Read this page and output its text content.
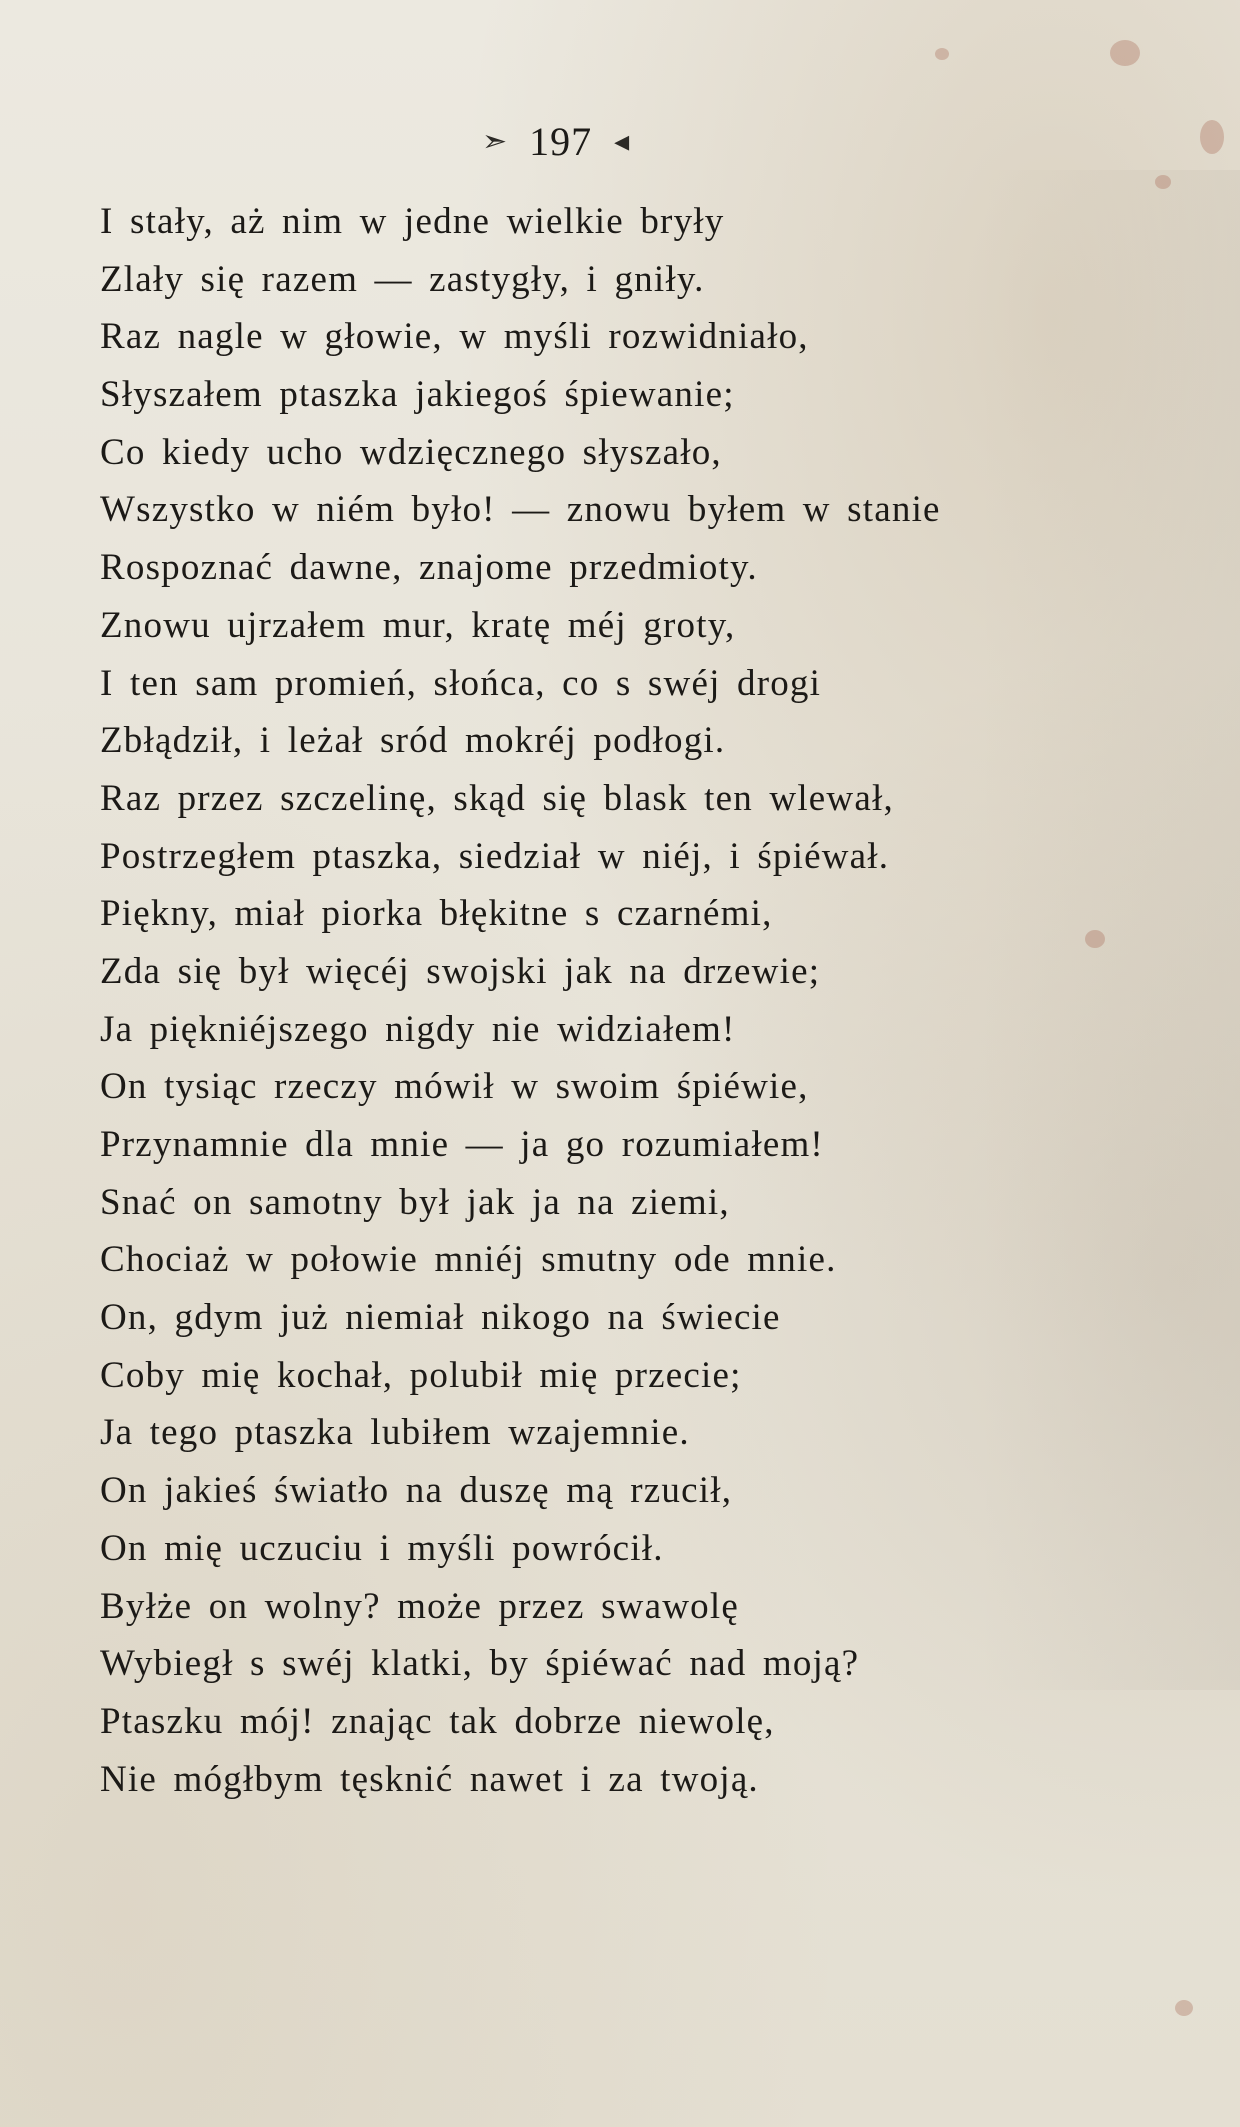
➣ 197 ◂
I stały, aż nim w jedne wielkie bryły
Zlały się razem — zastygły, i gniły.
Raz nagle w głowie, w myśli rozwidniało,
Słyszałem ptaszka jakiegoś śpiewanie;
Co kiedy ucho wdzięcznego słyszało,
Wszystko w niém było! — znowu byłem w stanie
Rospoznać dawne, znajome przedmioty.
Znowu ujrzałem mur, kratę méj groty,
I ten sam promień, słońca, co s swéj drogi
Zbłądził, i leżał sród mokréj podłogi.
Raz przez szczelinę, skąd się blask ten wlewał,
Postrzegłem ptaszka, siedział w niéj, i śpiéwał.
Piękny, miał piorka błękitne s czarnémi,
Zda się był więcéj swojski jak na drzewie;
Ja piękniéjszego nigdy nie widziałem!
On tysiąc rzeczy mówił w swoim śpiéwie,
Przynamnie dla mnie — ja go rozumiałem!
Snać on samotny był jak ja na ziemi,
Chociaż w połowie mniéj smutny ode mnie.
On, gdym już niemiał nikogo na świecie
Coby mię kochał, polubił mię przecie;
Ja tego ptaszka lubiłem wzajemnie.
On jakieś światło na duszę mą rzucił,
On mię uczuciu i myśli powrócił.
Byłże on wolny? może przez swawolę
Wybiegł s swéj klatki, by śpiéwać nad moją?
Ptaszku mój! znając tak dobrze niewolę,
Nie mógłbym tęsknić nawet i za twoją.
